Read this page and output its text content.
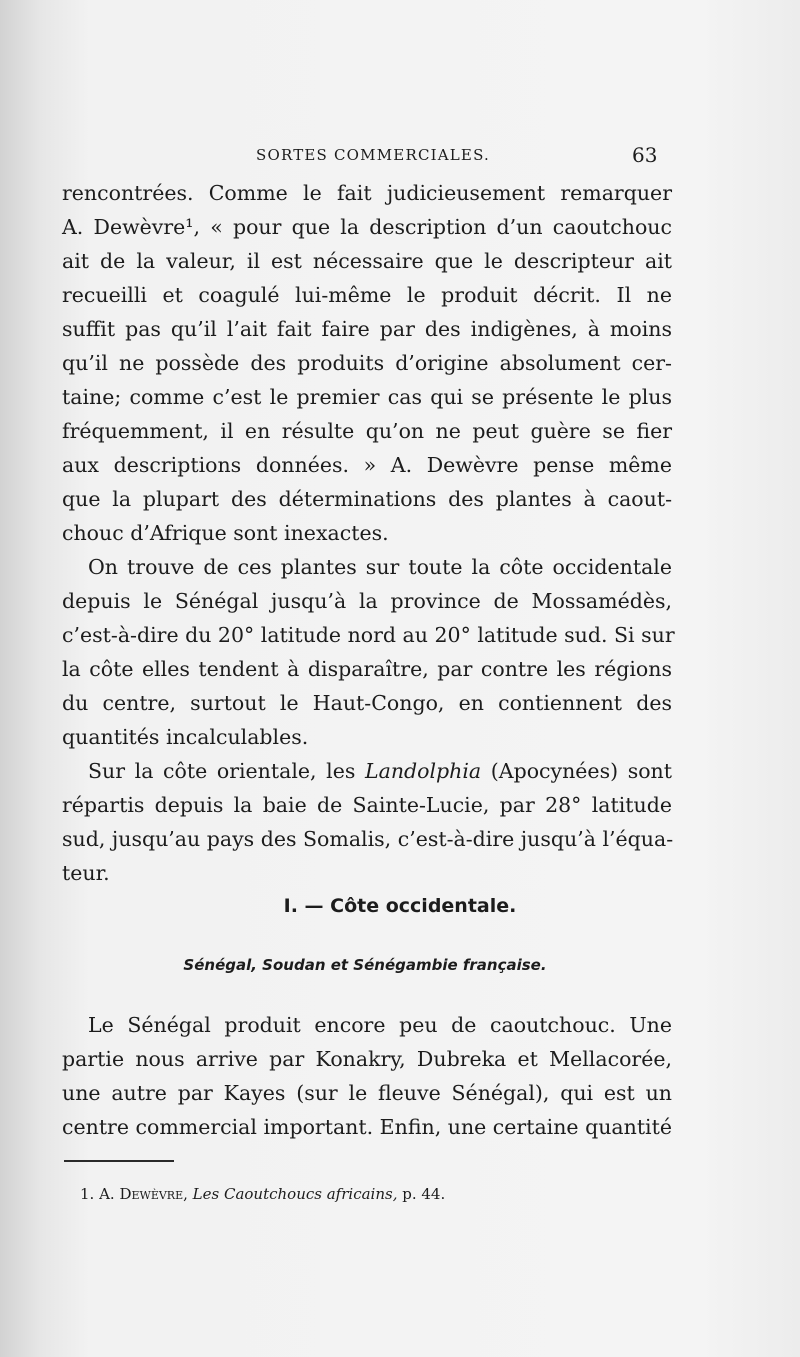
SORTES COMMERCIALES.	63
rencontrées. Comme le fait judicieusement remarquer
A. Dewèvre¹, « pour que la description d’un caoutchouc
ait de la valeur, il est nécessaire que le descripteur ait
recueilli et coagulé lui-même le produit décrit. Il ne
suffit pas qu’il l’ait fait faire par des indigènes, à moins
qu’il ne possède des produits d’origine absolument cer-
taine; comme c’est le premier cas qui se présente le plus
fréquemment, il en résulte qu’on ne peut guère se fier
aux descriptions données. » A. Dewèvre pense même
que la plupart des déterminations des plantes à caout-
chouc d’Afrique sont inexactes.
On trouve de ces plantes sur toute la côte occidentale
depuis le Sénégal jusqu’à la province de Mossamédès,
c’est-à-dire du 20° latitude nord au 20° latitude sud. Si sur
la côte elles tendent à disparaître, par contre les régions
du centre, surtout le Haut-Congo, en contiennent des
quantités incalculables.
Sur la côte orientale, les Landolphia (Apocynées) sont
répartis depuis la baie de Sainte-Lucie, par 28° latitude
sud, jusqu’au pays des Somalis, c’est-à-dire jusqu’à l’équa-
teur.
I. — Côte occidentale.
Sénégal, Soudan et Sénégambie française.
Le Sénégal produit encore peu de caoutchouc. Une
partie nous arrive par Konakry, Dubreka et Mellacorée,
une autre par Kayes (sur le fleuve Sénégal), qui est un
centre commercial important. Enfin, une certaine quantité
1. A. Dewèvre, Les Caoutchoucs africains, p. 44.
